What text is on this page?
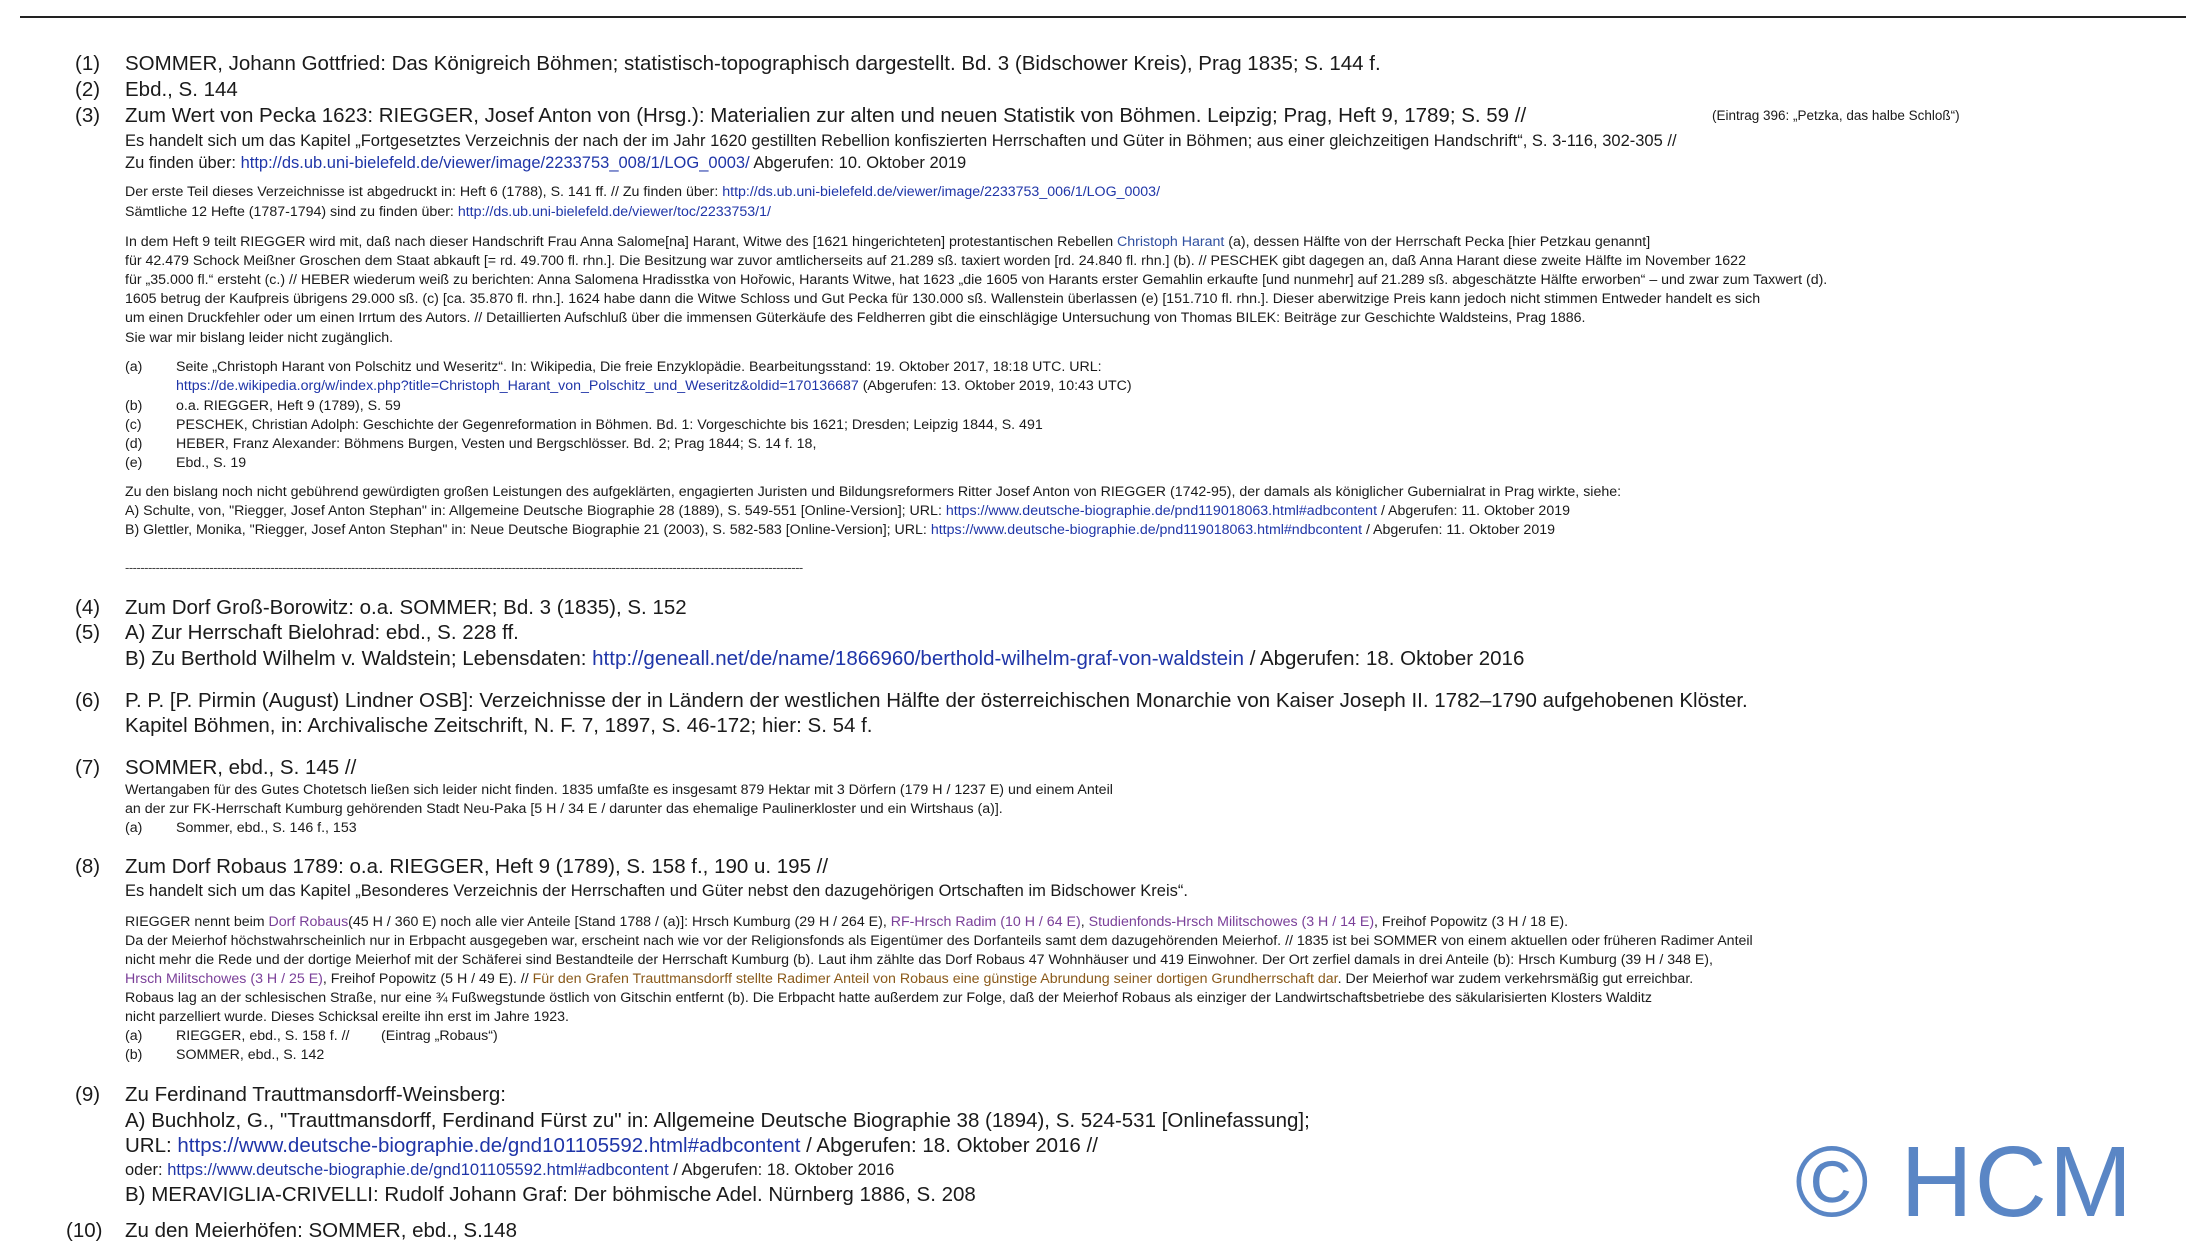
(1) SOMMER, Johann Gottfried: Das Königreich Böhmen; statistisch-topographisch dargestellt. Bd. 3 (Bidschower Kreis), Prag 1835; S. 144 f.
(2) Ebd., S. 144
(3) Zum Wert von Pecka 1623: RIEGGER, Josef Anton von (Hrsg.): Materialien zur alten und neuen Statistik von Böhmen. Leipzig; Prag, Heft 9, 1789; S. 59 //	(Eintrag 396: „Petzka, das halbe Schloß“)
Es handelt sich um das Kapitel „Fortgesetztes Verzeichnis der nach der im Jahr 1620 gestillten Rebellion konfiszierten Herrschaften und Güter in Böhmen; aus einer gleichzeitigen Handschrift“, S. 3-116, 302-305 //
Zu finden über: http://ds.ub.uni-bielefeld.de/viewer/image/2233753_008/1/LOG_0003/ Abgerufen: 10. Oktober 2019
Der erste Teil dieses Verzeichnisse ist abgedruckt in: Heft 6 (1788), S. 141 ff. // Zu finden über: http://ds.ub.uni-bielefeld.de/viewer/image/2233753_006/1/LOG_0003/
Sämtliche 12 Hefte (1787-1794) sind zu finden über: http://ds.ub.uni-bielefeld.de/viewer/toc/2233753/1/
In dem Heft 9 teilt RIEGGER wird mit, daß nach dieser Handschrift Frau Anna Salome[na] Harant, Witwe des [1621 hingerichteten] protestantischen Rebellen Christoph Harant (a), dessen Hälfte von der Herrschaft Pecka [hier Petzkau genannt]
für 42.479 Schock Meißner Groschen dem Staat abkauft [= rd. 49.700 fl. rhn.]. Die Besitzung war zuvor amtlicherseits auf 21.289 sß. taxiert worden [rd. 24.840 fl. rhn.] (b). // PESCHEK gibt dagegen an, daß Anna Harant diese zweite Hälfte im November 1622
für „35.000 fl.“ ersteht (c.) // HEBER wiederum weiß zu berichten: Anna Salomena Hradisstka von Hořowic, Harants Witwe, hat 1623 „die 1605 von Harants erster Gemahlin erkaufte [und nunmehr] auf 21.289 sß. abgeschätzte Hälfte erworben“ – und zwar zum Taxwert (d).
1605 betrug der Kaufpreis übrigens 29.000 sß. (c) [ca. 35.870 fl. rhn.]. 1624 habe dann die Witwe Schloss und Gut Pecka für 130.000 sß. Wallenstein überlassen (e) [151.710 fl. rhn.]. Dieser aberwitzige Preis kann jedoch nicht stimmen Entweder handelt es sich
um einen Druckfehler oder um einen Irrtum des Autors. // Detaillierten Aufschluß über die immensen Güterkäufe des Feldherren gibt die einschlägige Untersuchung von Thomas BILEK: Beiträge zur Geschichte Waldsteins, Prag 1886.
Sie war mir bislang leider nicht zugänglich.
(a) Seite „Christoph Harant von Polschitz und Weseritz“. In: Wikipedia, Die freie Enzyklopädie. Bearbeitungsstand: 19. Oktober 2017, 18:18 UTC. URL:
https://de.wikipedia.org/w/index.php?title=Christoph_Harant_von_Polschitz_und_Weseritz&oldid=170136687 (Abgerufen: 13. Oktober 2019, 10:43 UTC)
(b) o.a. RIEGGER, Heft 9 (1789), S. 59
(c) PESCHEK, Christian Adolph: Geschichte der Gegenreformation in Böhmen. Bd. 1: Vorgeschichte bis 1621; Dresden; Leipzig 1844, S. 491
(d) HEBER, Franz Alexander: Böhmens Burgen, Vesten und Bergschlösser. Bd. 2; Prag 1844; S. 14 f. 18,
(e) Ebd., S. 19
Zu den bislang noch nicht gebührend gewürdigten großen Leistungen des aufgeklärten, engagierten Juristen und Bildungsreformers Ritter Josef Anton von RIEGGER (1742-95), der damals als königlicher Gubernialrat in Prag wirkte, siehe:
A) Schulte, von, "Riegger, Josef Anton Stephan" in: Allgemeine Deutsche Biographie 28 (1889), S. 549-551 [Online-Version]; URL: https://www.deutsche-biographie.de/pnd119018063.html#adbcontent / Abgerufen: 11. Oktober 2019
B) Glettler, Monika, "Riegger, Josef Anton Stephan" in: Neue Deutsche Biographie 21 (2003), S. 582-583 [Online-Version]; URL: https://www.deutsche-biographie.de/pnd119018063.html#ndbcontent / Abgerufen: 11. Oktober 2019
---------------------------------------------------------------------------------------------------------------------------------------------------------------------------------
(4) Zum Dorf Groß-Borowitz: o.a. SOMMER; Bd. 3 (1835), S. 152
(5) A) Zur Herrschaft Bielohrad: ebd., S. 228 ff.
B) Zu Berthold Wilhelm v. Waldstein; Lebensdaten: http://geneall.net/de/name/1866960/berthold-wilhelm-graf-von-waldstein / Abgerufen: 18. Oktober 2016
(6) P. P. [P. Pirmin (August) Lindner OSB]: Verzeichnisse der in Ländern der westlichen Hälfte der österreichischen Monarchie von Kaiser Joseph II. 1782–1790 aufgehobenen Klöster.
Kapitel Böhmen, in: Archivalische Zeitschrift, N. F. 7, 1897, S. 46-172; hier: S. 54 f.
(7) SOMMER, ebd., S. 145 //
Wertangaben für des Gutes Chotetsch ließen sich leider nicht finden. 1835 umfaßte es insgesamt 879 Hektar mit 3 Dörfern (179 H / 1237 E) und einem Anteil
an der zur FK-Herrschaft Kumburg gehörenden Stadt Neu-Paka [5 H / 34 E / darunter das ehemalige Paulinerkloster und ein Wirtshaus (a)].
(a) Sommer, ebd., S. 146 f., 153
(8) Zum Dorf Robaus 1789: o.a. RIEGGER, Heft 9 (1789), S. 158 f., 190 u. 195 //
Es handelt sich um das Kapitel „Besonderes Verzeichnis der Herrschaften und Güter nebst den dazugehörigen Ortschaften im Bidschower Kreis“.
RIEGGER nennt beim Dorf Robaus(45 H / 360 E) noch alle vier Anteile [Stand 1788 / (a)]: Hrsch Kumburg (29 H / 264 E), RF-Hrsch Radim (10 H / 64 E), Studienfonds-Hrsch Militschowes (3 H / 14 E), Freihof Popowitz (3 H / 18 E).
Da der Meierhof höchstwahrscheinlich nur in Erbpacht ausgegeben war, erscheint nach wie vor der Religionsfonds als Eigentümer des Dorfanteils samt dem dazugehörenden Meierhof. // 1835 ist bei SOMMER von einem aktuellen oder früheren Radimer Anteil
nicht mehr die Rede und der dortige Meierhof mit der Schäferei sind Bestandteile der Herrschaft Kumburg (b). Laut ihm zählte das Dorf Robaus 47 Wohnhäuser und 419 Einwohner. Der Ort zerfiel damals in drei Anteile (b): Hrsch Kumburg (39 H / 348 E),
Hrsch Militschowes (3 H / 25 E), Freihof Popowitz (5 H / 49 E). // Für den Grafen Trauttmansdorff stellte Radimer Anteil von Robaus eine günstige Abrundung seiner dortigen Grundherrschaft dar. Der Meierhof war zudem verkehrsmäßig gut erreichbar.
Robaus lag an der schlesischen Straße, nur eine ¾ Fußwegstunde östlich von Gitschin entfernt (b). Die Erbpacht hatte außerdem zur Folge, daß der Meierhof Robaus als einziger der Landwirtschaftsbetriebe des säkularisierten Klosters Walditz
nicht parzelliert wurde. Dieses Schicksal ereilte ihn erst im Jahre 1923.
(a) RIEGGER, ebd., S. 158 f. //        (Eintrag „Robaus“)
(b) SOMMER, ebd., S. 142
(9) Zu Ferdinand Trauttmansdorff-Weinsberg:
A) Buchholz, G., "Trauttmansdorff, Ferdinand Fürst zu" in: Allgemeine Deutsche Biographie 38 (1894), S. 524-531 [Onlinefassung];
URL: https://www.deutsche-biographie.de/gnd101105592.html#adbcontent / Abgerufen: 18. Oktober 2016 //
oder: https://www.deutsche-biographie.de/gnd101105592.html#adbcontent / Abgerufen: 18. Oktober 2016
B) MERAVIGLIA-CRIVELLI: Rudolf Johann Graf: Der böhmische Adel. Nürnberg 1886, S. 208
(10) Zu den Meierhöfen: SOMMER, ebd., S.148	© HCM
